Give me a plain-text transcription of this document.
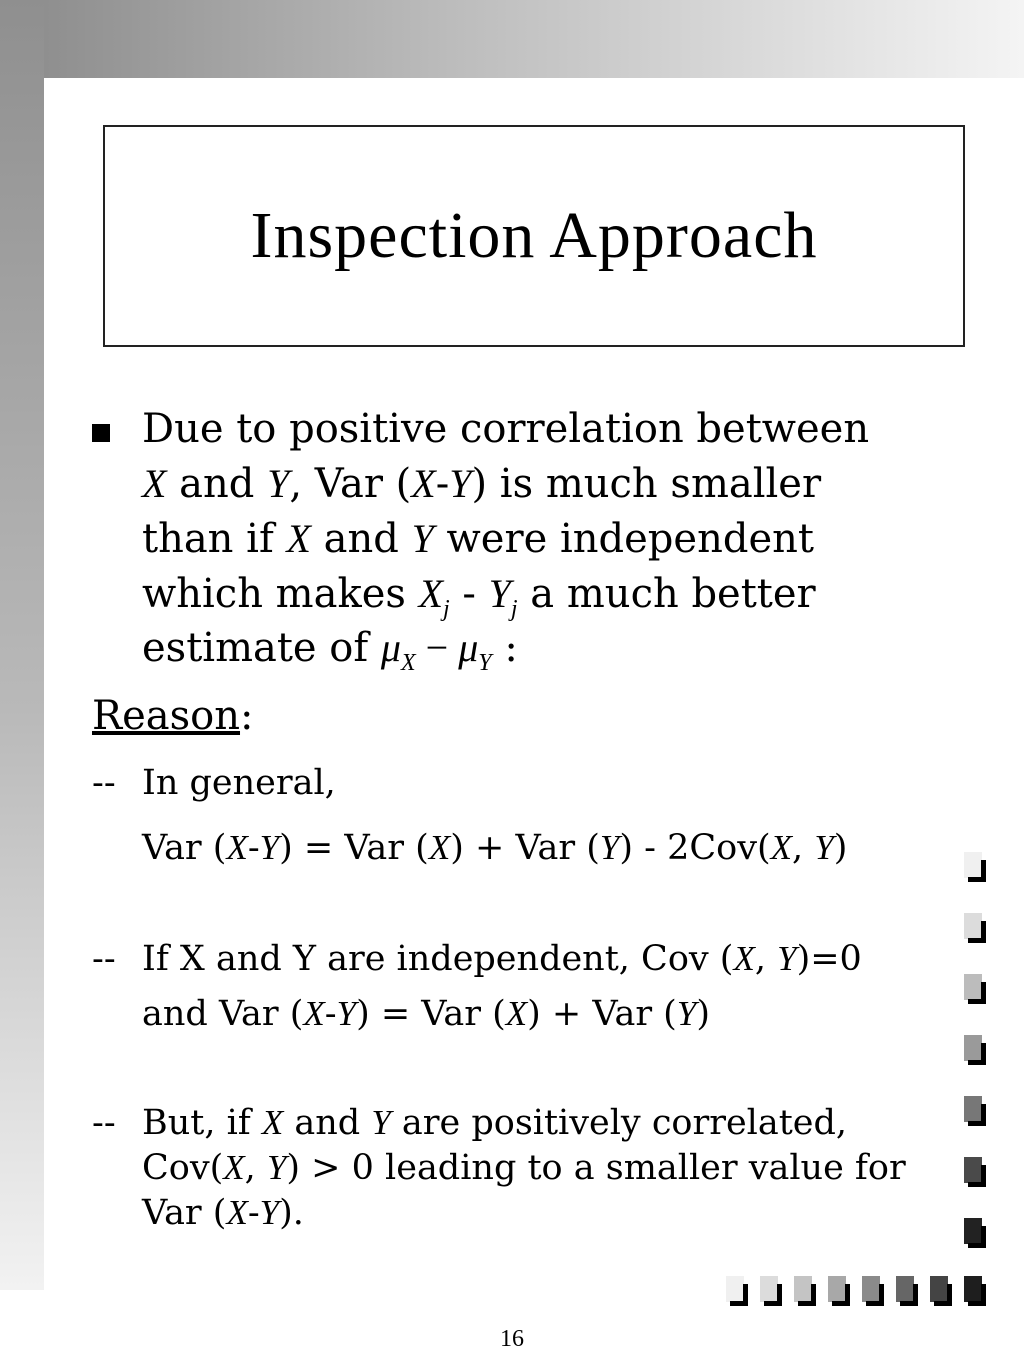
Inspection Approach
Due to positive correlation between
X and Y, Var (X-Y) is much smaller
than if X and Y were independent
which makes $X_j - Y_j$ a much better
estimate of $\mu_X - \mu_Y$ :
Reason:
-- In general,
Var (X-Y) = Var (X) + Var (Y) - 2Cov(X, Y)
-- If X and Y are independent, Cov (X, Y)=0
and Var (X-Y) = Var (X) + Var (Y)
-- But, if X and Y are positively correlated,
Cov(X, Y) > 0 leading to a smaller value for
Var (X-Y).
16
